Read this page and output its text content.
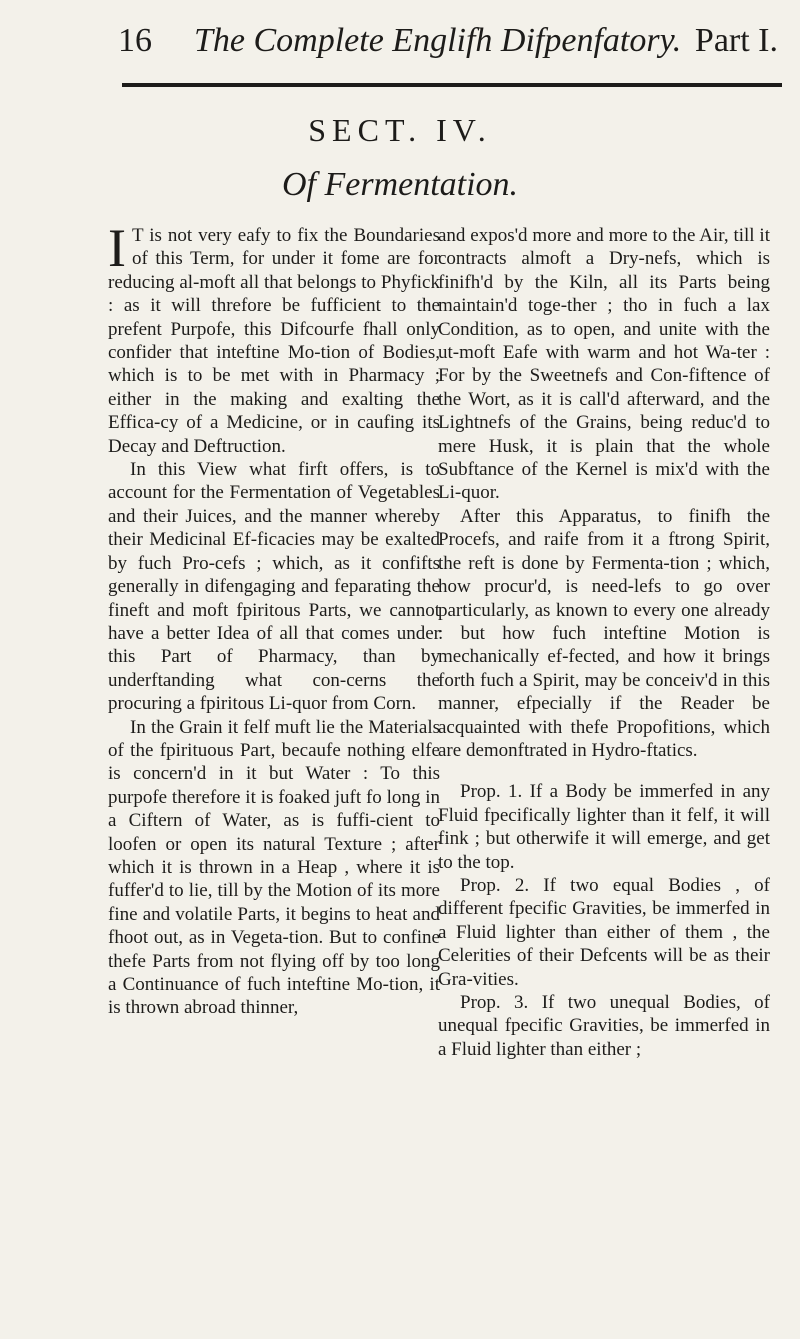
16 The Complete Englifh Difpenfatory. Part I.
SECT. IV.
Of Fermentation.

I T is not very eafy to fix the Boundaries of this Term, for under it fome are for reducing al-moft all that belongs to Phyfick : as it will threfore be fufficient to the prefent Purpofe, this Difcourfe fhall only confider that inteftine Mo-tion of Bodies, which is to be met with in Pharmacy ; either in the making and exalting the Effica-cy of a Medicine, or in caufing its Decay and Deftruction.

In this View what firft offers, is to account for the Fermentation of Vegetables and their Juices, and the manner whereby their Medicinal Ef-ficacies may be exalted by fuch Pro-cefs ; which, as it confifts generally in difengaging and feparating the fineft and moft fpiritous Parts, we cannot have a better Idea of all that comes under this Part of Pharmacy, than by underftanding what con-cerns the procuring a fpiritous Li-quor from Corn.

In the Grain it felf muft lie the Materials of the fpirituous Part, becaufe nothing elfe is concern'd in it but Water : To this purpofe therefore it is foaked juft fo long in a Ciftern of Water, as is fuffi-cient to loofen or open its natural Texture ; after which it is thrown in a Heap , where it is fuffer'd to lie, till by the Motion of its more fine and volatile Parts, it begins to heat and fhoot out, as in Vegeta-tion. But to confine thefe Parts from not flying off by too long a Continuance of fuch inteftine Mo-tion, it is thrown abroad thinner,

and expos'd more and more to the Air, till it contracts almoft a Dry-nefs, which is finifh'd by the Kiln, all its Parts being maintain'd toge-ther ; tho in fuch a lax Condition, as to open, and unite with the ut-moft Eafe with warm and hot Wa-ter : For by the Sweetnefs and Con-fiftence of the Wort, as it is call'd afterward, and the Lightnefs of the Grains, being reduc'd to mere Husk, it is plain that the whole Subftance of the Kernel is mix'd with the Li-quor.

After this Apparatus, to finifh the Procefs, and raife from it a ftrong Spirit, the reft is done by Fermenta-tion ; which, how procur'd, is need-lefs to go over particularly, as known to every one already : but how fuch inteftine Motion is mechanically ef-fected, and how it brings forth fuch a Spirit, may be conceiv'd in this manner, efpecially if the Reader be acquainted with thefe Propofitions, which are demonftrated in Hydro-ftatics.

Prop. 1. If a Body be immerfed in any Fluid fpecifically lighter than it felf, it will fink ; but otherwife it will emerge, and get to the top.

Prop. 2. If two equal Bodies , of different fpecific Gravities, be immerfed in a Fluid lighter than either of them , the Celerities of their Defcents will be as their Gra-vities.

Prop. 3. If two unequal Bodies, of unequal fpecific Gravities, be immerfed in a Fluid lighter than either ;
